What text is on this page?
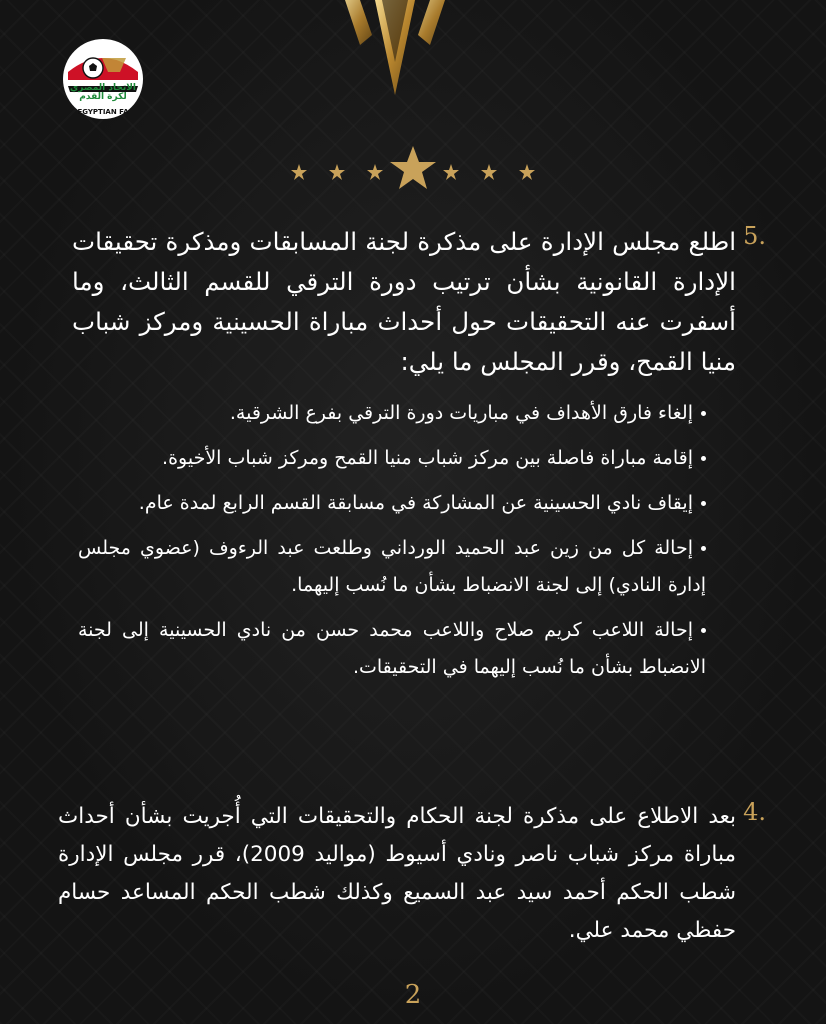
الاتحاد المصري
لكرة القدم
EGYPTIAN FA
5.
اطلع مجلس الإدارة على مذكرة لجنة المسابقات ومذكرة تحقيقات الإدارة القانونية بشأن ترتيب دورة الترقي للقسم الثالث، وما أسفرت عنه التحقيقات حول أحداث مباراة الحسينية ومركز شباب منيا القمح، وقرر المجلس ما يلي:
إلغاء فارق الأهداف في مباريات دورة الترقي بفرع الشرقية.
إقامة مباراة فاصلة بين مركز شباب منيا القمح ومركز شباب الأخيوة.
إيقاف نادي الحسينية عن المشاركة في مسابقة القسم الرابع لمدة عام.
إحالة كل من زين عبد الحميد الورداني وطلعت عبد الرءوف (عضوي مجلس إدارة النادي) إلى لجنة الانضباط بشأن ما نُسب إليهما.
إحالة اللاعب كريم صلاح واللاعب محمد حسن من نادي الحسينية إلى لجنة الانضباط بشأن ما نُسب إليهما في التحقيقات.
4.
بعد الاطلاع على مذكرة لجنة الحكام والتحقيقات التي أُجريت بشأن أحداث مباراة مركز شباب ناصر ونادي أسيوط (مواليد 2009)، قرر مجلس الإدارة شطب الحكم أحمد سيد عبد السميع وكذلك شطب الحكم المساعد حسام حفظي محمد علي.
2
